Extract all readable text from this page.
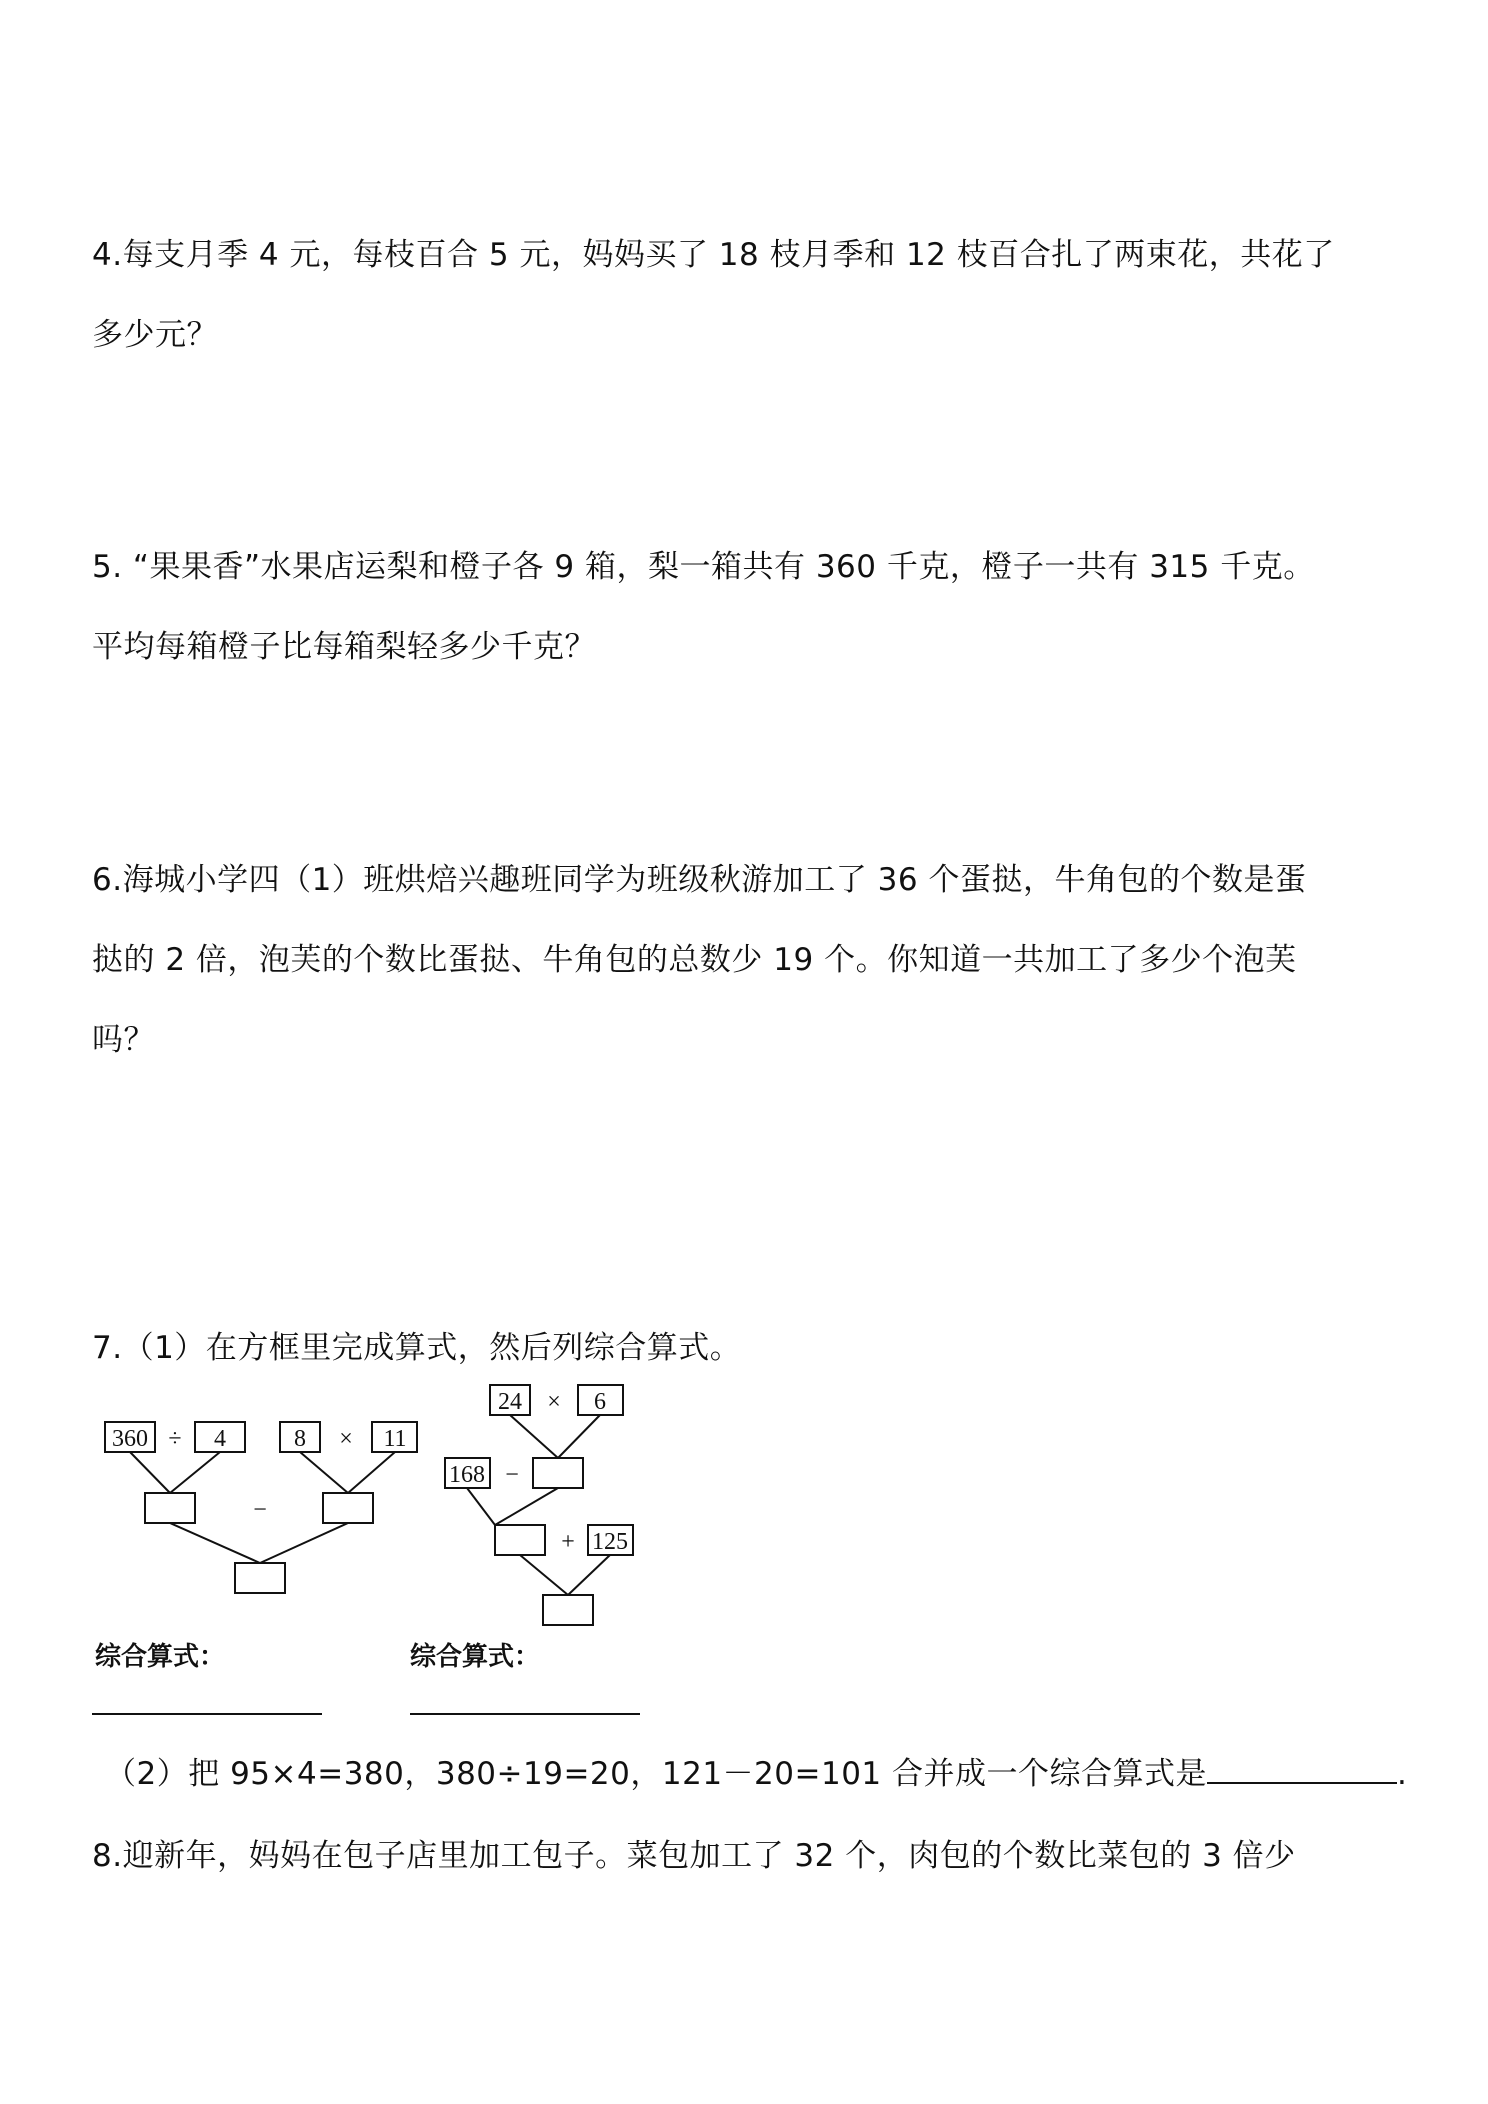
4.每支月季 4 元，每枝百合 5 元，妈妈买了 18 枝月季和 12 枝百合扎了两束花，共花了
多少元？
5. “果果香”水果店运梨和橙子各 9 箱，梨一箱共有 360 千克，橙子一共有 315 千克。
平均每箱橙子比每箱梨轻多少千克？
6.海城小学四（1）班烘焙兴趣班同学为班级秋游加工了 36 个蛋挞，牛角包的个数是蛋
挞的 2 倍，泡芙的个数比蛋挞、牛角包的总数少 19 个。你知道一共加工了多少个泡芙
吗？
7.（1）在方框里完成算式，然后列综合算式。
360 ÷ 4	8 × 11
−
24 × 6
168 −
+ 125
综合算式：	综合算式：
（2）把 95×4=380，380÷19=20，121－20=101 合并成一个综合算式是	.
8.迎新年，妈妈在包子店里加工包子。菜包加工了 32 个，肉包的个数比菜包的 3 倍少
